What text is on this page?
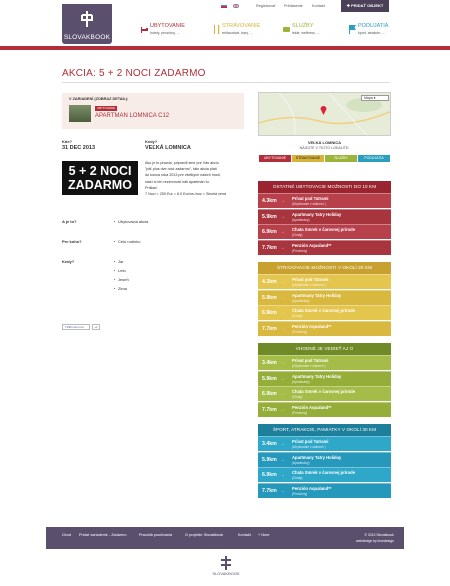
SLOVAKBOOK
Registrovať Prihlásenie Kontakt	✚ PRIDAŤ OBJEKT
UBYTOVANIE
hotely, penzióny, ...
STRAVOVANIE
reštaurácie, bary, ...
SLUŽBY
lekár, wellness, ...
PODUJATIA
šport, atrakcie, ...
AKCIA: 5 + 2 NOCI ZADARMO
V ZARIADENÍ (ZOBRAZ DETAIL):
UBYTOVANIE
APARTMAN LOMNICA C12
Kde?
31 DEC 2013
Kedy?
VEĽKÁ LOMNICA
5 + 2 NOCI ZADARMO
Ako je to pravda, pripravili sme pre Vás akciu
"päť plus dve noci zadarmo", táto akcia platí
do konca roka 2013 pre všetkých našich hostí,
stačí si len rezervovať náš apartmán tu.
Príklad:
7 Nocí = 250 Eur = 8.9 Eur/os./noc = Skvelá cena
A je to?	Ubytovacia akcia
Pre koho?	Celú rodinku
Kedy?	Jar
Leto
Jeseň
Zima
f Páči sa mi to	+1
Mapa ▾
VEĽKÁ LOMNICA
NÁJDITE V TEJTO LOKALITE:
UBYTOVANIE	STRAVOVANIE	SLUŽBY	PODUJATIA
OSTATNÉ UBYTOVACIE MOŽNOSTI DO 10 KM
4.3km → Privat pod Tatrami
(Ubytovanie v súkromí )
5.9km → Apartmany Tatry Holiday
(Apartmány)
6.9km → Chata Smrek v čarovnej prírode
(Chaty)
7.7km → Penzión Aqualand**
(Penzióny)
STRAVOVACIE MOŽNOSTI V OKOLÍ 20 KM
4.3km → Privat pod Tatrami
(Ubytovanie v súkromí )
5.9km → Apartmany Tatry Holiday
(Apartmány)
6.9km → Chata Smrek v čarovnej prírode
(Chaty)
7.7km → Penzión Aqualand**
(Penzióny)
VHODNÉ JE VEDIEŤ AJ O
3.4km → Privat pod Tatrami
(Ubytovanie v súkromí )
5.9km → Apartmany Tatry Holiday
(Apartmány)
6.9km → Chata Smrek v čarovnej prírode
(Chaty)
7.7km → Penzión Aqualand**
(Penzióny)
ŠPORT, ATRAKCIE, PAMIATKY V OKOLÍ 30 KM
3.4km → Privat pod Tatrami
(Ubytovanie v súkromí )
5.9km → Apartmany Tatry Holiday
(Apartmány)
6.9km → Chata Smrek v čarovnej prírode
(Chaty)
7.7km → Penzión Aqualand**
(Penzióny)
Úvod Pridať zariadenie - Zadarmo	Pravidlá používania	O projekte Slovakbook	Kontakt + Nore	© 2013 Slovakbook
webdesign by lovedesign
SLOVAKBOOK
